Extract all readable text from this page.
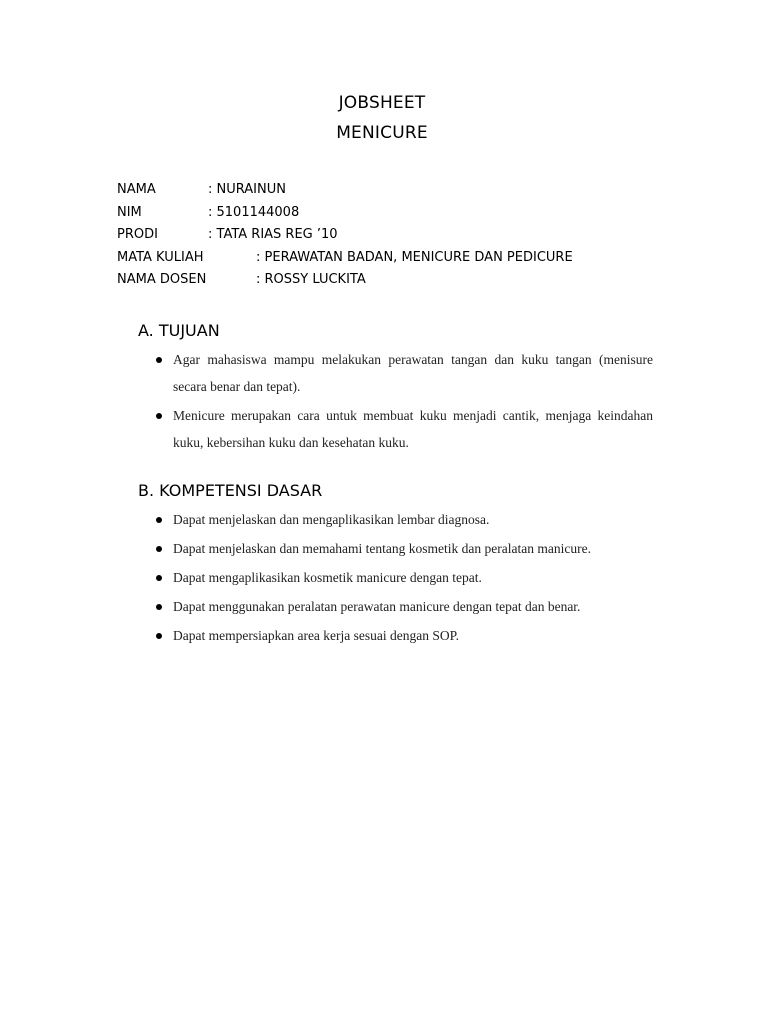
JOBSHEET
MENICURE
NAMA	: NURAINUN
NIM	: 5101144008
PRODI	: TATA RIAS REG ’10
MATA KULIAH	: PERAWATAN BADAN, MENICURE DAN PEDICURE
NAMA DOSEN	: ROSSY LUCKITA
A. TUJUAN
Agar mahasiswa mampu melakukan perawatan tangan dan kuku tangan (menisure secara benar dan tepat).
Menicure merupakan cara untuk membuat kuku menjadi cantik, menjaga keindahan kuku, kebersihan kuku dan kesehatan kuku.
B. KOMPETENSI DASAR
Dapat menjelaskan dan mengaplikasikan lembar diagnosa.
Dapat menjelaskan dan memahami tentang kosmetik dan peralatan manicure.
Dapat mengaplikasikan kosmetik manicure dengan tepat.
Dapat menggunakan peralatan perawatan manicure dengan tepat dan benar.
Dapat mempersiapkan area kerja sesuai dengan SOP.
